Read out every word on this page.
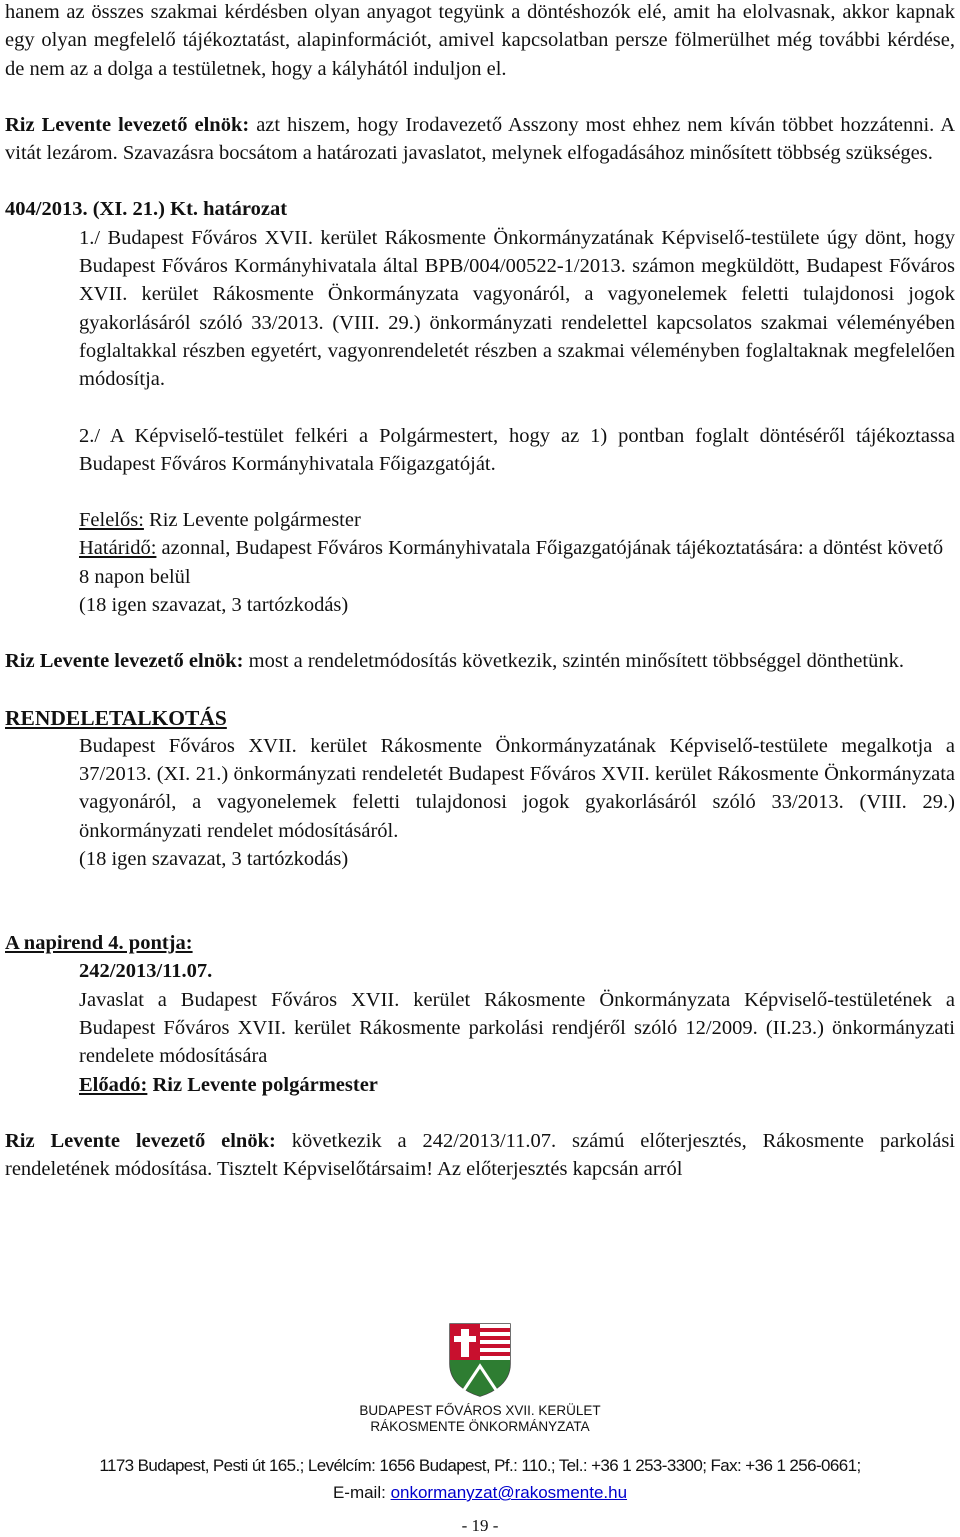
hanem az összes szakmai kérdésben olyan anyagot tegyünk a döntéshozók elé, amit ha elolvasnak, akkor kapnak egy olyan megfelelő tájékoztatást, alapinformációt, amivel kapcsolatban persze fölmerülhet még további kérdése, de nem az a dolga a testületnek, hogy a kályhától induljon el.

Riz Levente levezető elnök: azt hiszem, hogy Irodavezető Asszony most ehhez nem kíván többet hozzátenni. A vitát lezárom. Szavazásra bocsátom a határozati javaslatot, melynek elfogadásához minősített többség szükséges.

404/2013. (XI. 21.) Kt. határozat

1./ Budapest Főváros XVII. kerület Rákosmente Önkormányzatának Képviselő-testülete úgy dönt, hogy Budapest Főváros Kormányhivatala által BPB/004/00522-1/2013. számon megküldött, Budapest Főváros XVII. kerület Rákosmente Önkormányzata vagyonáról, a vagyonelemek feletti tulajdonosi jogok gyakorlásáról szóló 33/2013. (VIII. 29.) önkormányzati rendelettel kapcsolatos szakmai véleményében foglaltakkal részben egyetért, vagyonrendeletét részben a szakmai véleményben foglaltaknak megfelelően módosítja.

2./ A Képviselő-testület felkéri a Polgármestert, hogy az 1) pontban foglalt döntéséről tájékoztassa Budapest Főváros Kormányhivatala Főigazgatóját.

Felelős: Riz Levente polgármester

Határidő: azonnal, Budapest Főváros Kormányhivatala Főigazgatójának tájékoztatására: a döntést követő 8 napon belül

(18 igen szavazat, 3 tartózkodás)

Riz Levente levezető elnök: most a rendeletmódosítás következik, szintén minősített többséggel dönthetünk.

RENDELETALKOTÁS

Budapest Főváros XVII. kerület Rákosmente Önkormányzatának Képviselő-testülete megalkotja a 37/2013. (XI. 21.) önkormányzati rendeletét Budapest Főváros XVII. kerület Rákosmente Önkormányzata vagyonáról, a vagyonelemek feletti tulajdonosi jogok gyakorlásáról szóló 33/2013. (VIII. 29.) önkormányzati rendelet módosításáról.

(18 igen szavazat, 3 tartózkodás)

A napirend 4. pontja:

242/2013/11.07.

Javaslat a Budapest Főváros XVII. kerület Rákosmente Önkormányzata Képviselő-testületének a Budapest Főváros XVII. kerület Rákosmente parkolási rendjéről szóló 12/2009. (II.23.) önkormányzati rendelete módosítására

Előadó: Riz Levente polgármester

Riz Levente levezető elnök: következik a 242/2013/11.07. számú előterjesztés, Rákosmente parkolási rendeletének módosítása. Tisztelt Képviselőtársaim! Az előterjesztés kapcsán arról

BUDAPEST FŐVÁROS XVII. KERÜLET
RÁKOSMENTE ÖNKORMÁNYZATA
1173 Budapest, Pesti út 165.; Levélcím: 1656 Budapest, Pf.: 110.; Tel.: +36 1 253-3300; Fax: +36 1 256-0661;
E-mail: onkormanyzat@rakosmente.hu
- 19 -
